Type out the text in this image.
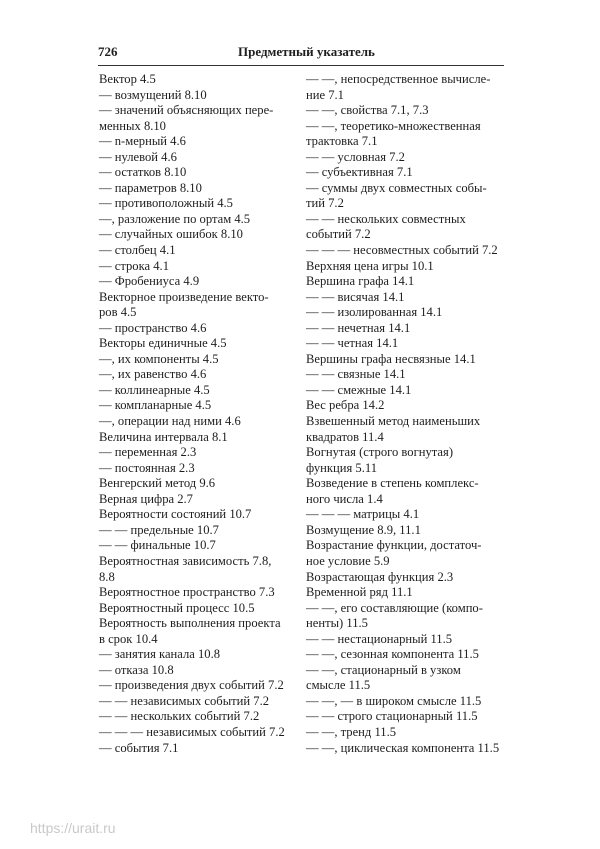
726	Предметный указатель
Вектор 4.5
— возмущений 8.10
— значений объясняющих пере-
менных 8.10
— n-мерный 4.6
— нулевой 4.6
— остатков 8.10
— параметров 8.10
— противоположный 4.5
—, разложение по ортам 4.5
— случайных ошибок 8.10
— столбец 4.1
— строка 4.1
— Фробениуса 4.9
Векторное произведение векто-
ров 4.5
— пространство 4.6
Векторы единичные 4.5
—, их компоненты 4.5
—, их равенство 4.6
— коллинеарные 4.5
— компланарные 4.5
—, операции над ними 4.6
Величина интервала 8.1
— переменная 2.3
— постоянная 2.3
Венгерский метод 9.6
Верная цифра 2.7
Вероятности состояний 10.7
— — предельные 10.7
— — финальные 10.7
Вероятностная зависимость 7.8,
8.8
Вероятностное пространство 7.3
Вероятностный процесс 10.5
Вероятность выполнения проекта
в срок 10.4
— занятия канала 10.8
— отказа 10.8
— произведения двух событий 7.2
— — независимых событий 7.2
— — нескольких событий 7.2
— — — независимых событий 7.2
— события 7.1
— —, непосредственное вычисле-
ние 7.1
— —, свойства 7.1, 7.3
— —, теоретико-множественная
трактовка 7.1
— — условная 7.2
— субъективная 7.1
— суммы двух совместных собы-
тий 7.2
— — нескольких совместных
событий 7.2
— — — несовместных событий 7.2
Верхняя цена игры 10.1
Вершина графа 14.1
— — висячая 14.1
— — изолированная 14.1
— — нечетная 14.1
— — четная 14.1
Вершины графа несвязные 14.1
— — связные 14.1
— — смежные 14.1
Вес ребра 14.2
Взвешенный метод наименьших
квадратов 11.4
Вогнутая (строго вогнутая)
функция 5.11
Возведение в степень комплекс-
ного числа 1.4
— — — матрицы 4.1
Возмущение 8.9, 11.1
Возрастание функции, достаточ-
ное условие 5.9
Возрастающая функция 2.3
Временной ряд 11.1
— —, его составляющие (компо-
ненты) 11.5
— — нестационарный 11.5
— —, сезонная компонента 11.5
— —, стационарный в узком
смысле 11.5
— —, — в широком смысле 11.5
— — строго стационарный 11.5
— —, тренд 11.5
— —, циклическая компонента 11.5
https://urait.ru
